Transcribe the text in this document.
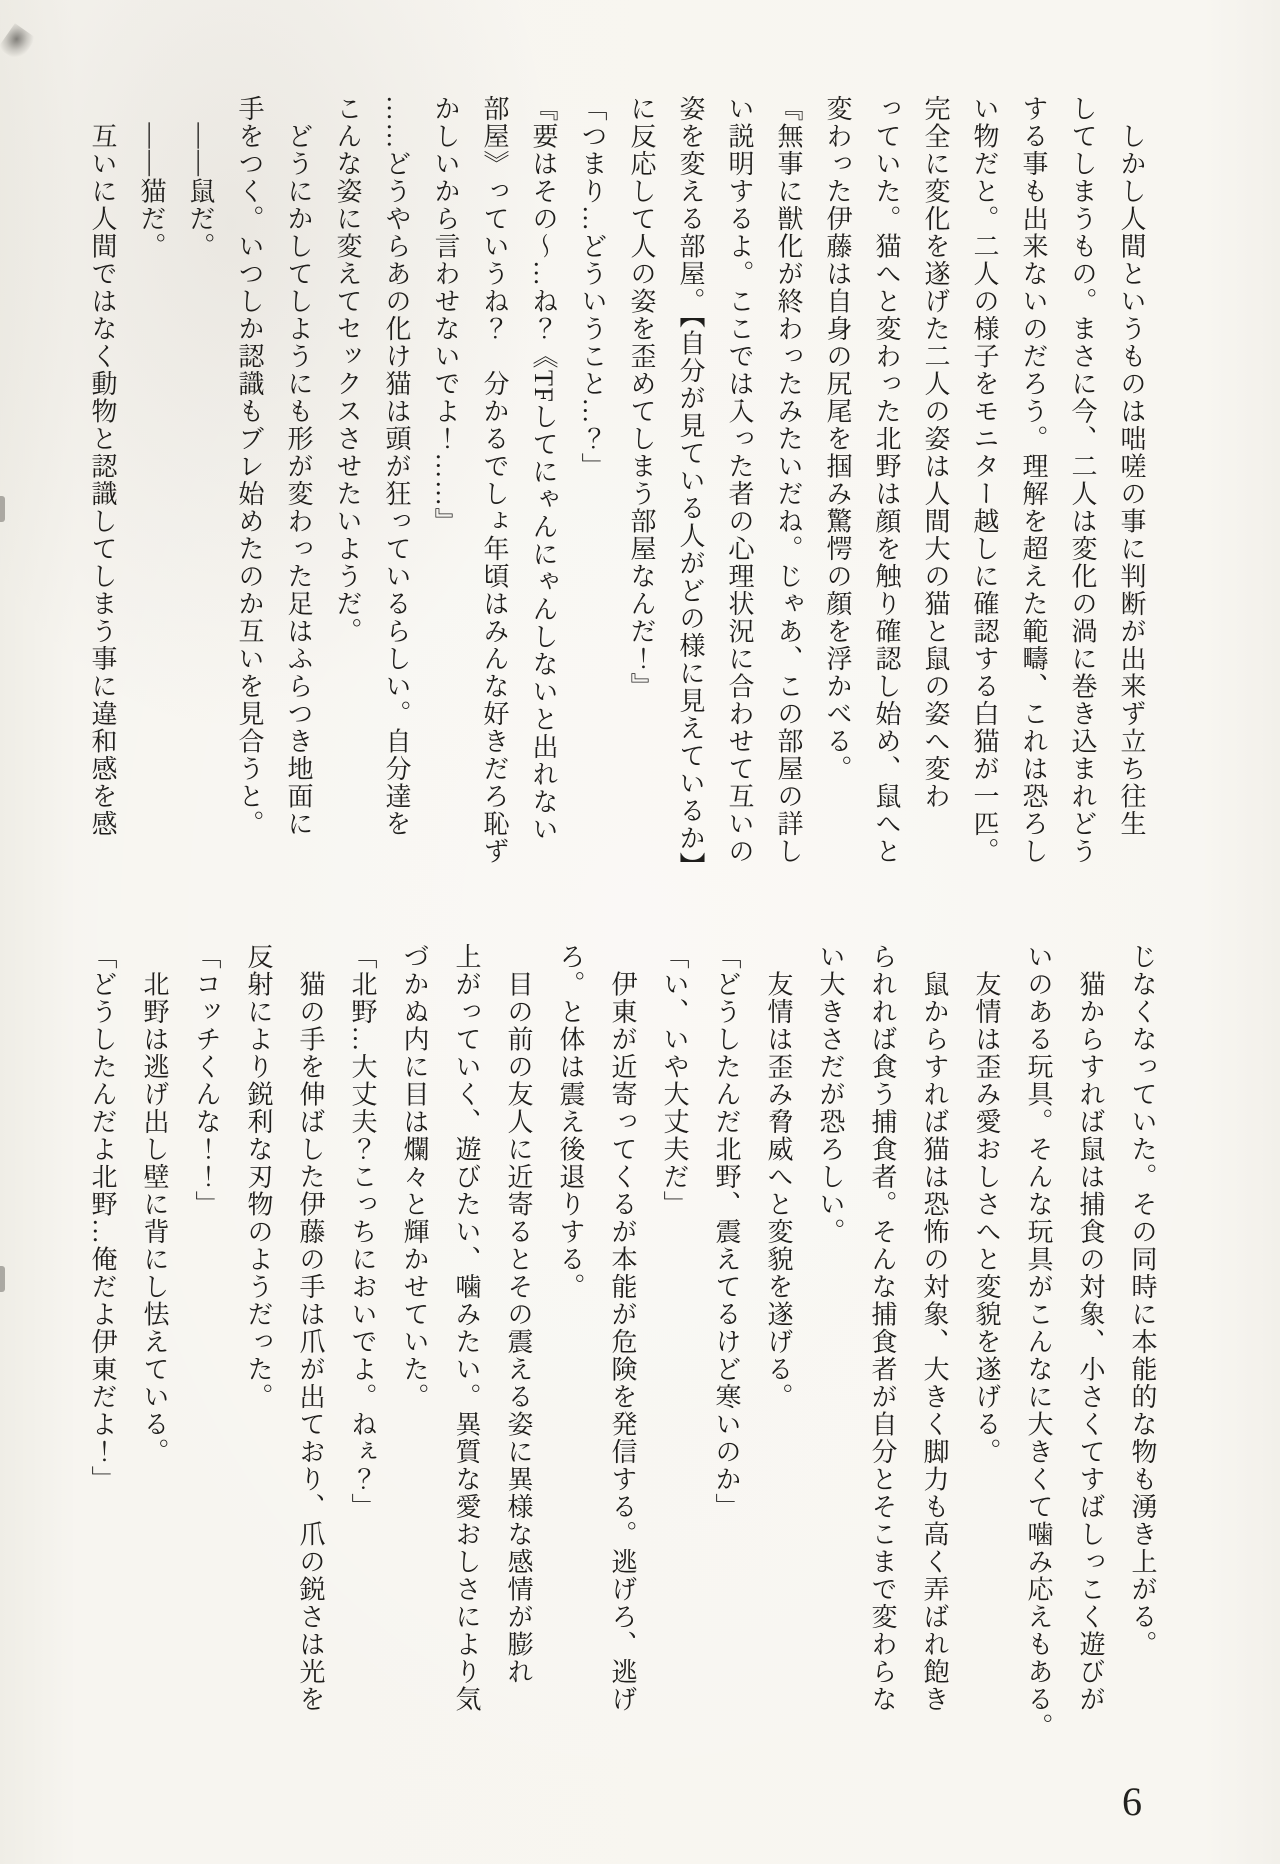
　しかし人間というものは咄嗟の事に判断が出来ず立ち往生

してしまうもの。まさに今、二人は変化の渦に巻き込まれどう

する事も出来ないのだろう。理解を超えた範疇、これは恐ろし

い物だと。二人の様子をモニター越しに確認する白猫が一匹。

完全に変化を遂げた二人の姿は人間大の猫と鼠の姿へ変わ

っていた。猫へと変わった北野は顔を触り確認し始め、鼠へと

変わった伊藤は自身の尻尾を掴み驚愕の顔を浮かべる。

『無事に獣化が終わったみたいだね。じゃあ、この部屋の詳し

い説明するよ。ここでは入った者の心理状況に合わせて互いの

姿を変える部屋。【自分が見ている人がどの様に見えているか】

に反応して人の姿を歪めてしまう部屋なんだ！』

「つまり…どういうこと…？」

『要はその〜…ね？《TFしてにゃんにゃんしないと出れない

部屋》っていうね？　分かるでしょ年頃はみんな好きだろ恥ず

かしいから言わせないでよ！……』

……どうやらあの化け猫は頭が狂っているらしい。自分達を

こんな姿に変えてセックスさせたいようだ。

　どうにかしてしようにも形が変わった足はふらつき地面に

手をつく。いつしか認識もブレ始めたのか互いを見合うと。

　――鼠だ。

　――猫だ。

　互いに人間ではなく動物と認識してしまう事に違和感を感

じなくなっていた。その同時に本能的な物も湧き上がる。

　猫からすれば鼠は捕食の対象、小さくてすばしっこく遊びが

いのある玩具。そんな玩具がこんなに大きくて噛み応えもある。

　友情は歪み愛おしさへと変貌を遂げる。

　鼠からすれば猫は恐怖の対象、大きく脚力も高く弄ばれ飽き

られれば食う捕食者。そんな捕食者が自分とそこまで変わらな

い大きさだが恐ろしい。

　友情は歪み脅威へと変貌を遂げる。

「どうしたんだ北野、震えてるけど寒いのか」

「い、いや大丈夫だ」

　伊東が近寄ってくるが本能が危険を発信する。逃げろ、逃げ

ろ。と体は震え後退りする。

　目の前の友人に近寄るとその震える姿に異様な感情が膨れ

上がっていく、遊びたい、噛みたい。異質な愛おしさにより気

づかぬ内に目は爛々と輝かせていた。

「北野…大丈夫？こっちにおいでよ。ねぇ？」

　猫の手を伸ばした伊藤の手は爪が出ており、爪の鋭さは光を

反射により鋭利な刃物のようだった。

「コッチくんな！！」

　北野は逃げ出し壁に背にし怯えている。

「どうしたんだよ北野…俺だよ伊東だよ！」

6
